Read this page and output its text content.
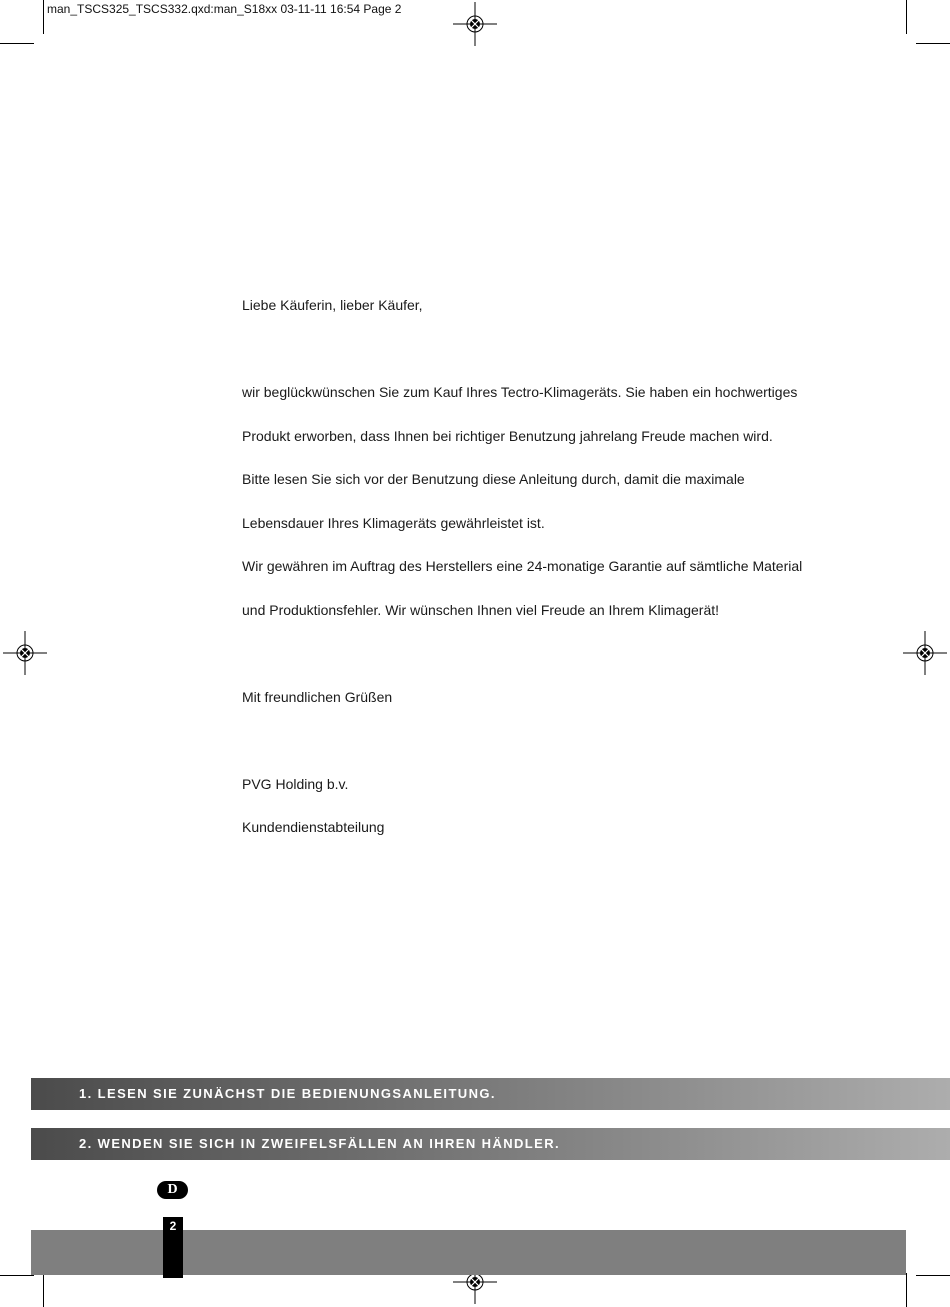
man_TSCS325_TSCS332.qxd:man_S18xx 03-11-11 16:54 Page 2

Liebe Käuferin, lieber Käufer,

wir beglückwünschen Sie zum Kauf Ihres Tectro-Klimageräts. Sie haben ein hochwertiges

Produkt erworben, dass Ihnen bei richtiger Benutzung jahrelang Freude machen wird.

Bitte lesen Sie sich vor der Benutzung diese Anleitung durch, damit die maximale

Lebensdauer Ihres Klimageräts gewährleistet ist.

Wir gewähren im Auftrag des Herstellers eine 24-monatige Garantie auf sämtliche Material

und Produktionsfehler. Wir wünschen Ihnen viel Freude an Ihrem Klimagerät!

Mit freundlichen Grüßen

PVG Holding b.v.

Kundendienstabteilung

1. LESEN SIE ZUNÄCHST DIE BEDIENUNGSANLEITUNG.
2. WENDEN SIE SICH IN ZWEIFELSFÄLLEN AN IHREN HÄNDLER.
D
2
